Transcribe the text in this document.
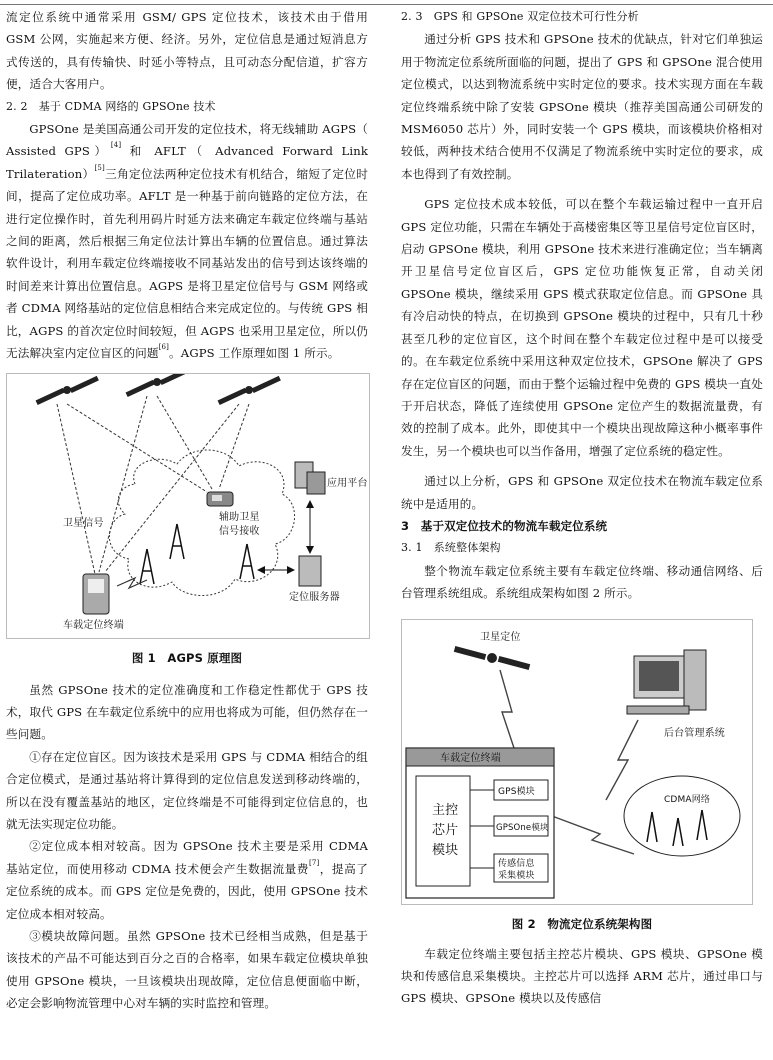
流定位系统中通常采用 GSM/ GPS 定位技术，该技术由于借用 GSM 公网，实施起来方便、经济。另外，定位信息是通过短消息方式传送的，具有传输快、时延小等特点，且可动态分配信道，扩容方便，适合大客用户。

2. 2　基于 CDMA 网络的 GPSOne 技术

GPSOne 是美国高通公司开发的定位技术，将无线辅助 AGPS（ Assisted GPS）[4] 和 AFLT（ Advanced Forward Link Trilateration）[5]三角定位法两种定位技术有机结合，缩短了定位时间，提高了定位成功率。AFLT 是一种基于前向链路的定位方法，在进行定位操作时，首先利用码片时延方法来确定车载定位终端与基站之间的距离，然后根据三角定位法计算出车辆的位置信息。通过算法软件设计，利用车载定位终端接收不同基站发出的信号到达该终端的时间差来计算出位置信息。AGPS 是将卫星定位信号与 GSM 网络或者 CDMA 网络基站的定位信息相结合来完成定位的。与传统 GPS 相比，AGPS 的首次定位时间较短，但 AGPS 也采用卫星定位，所以仍无法解决室内定位盲区的问题[6]。AGPS 工作原理如图 1 所示。

辅助卫星
信号接收
车载定位终端
卫星信号
应用平台
定位服务器

图 1　AGPS 原理图

虽然 GPSOne 技术的定位准确度和工作稳定性都优于 GPS 技术，取代 GPS 在车载定位系统中的应用也将成为可能，但仍然存在一些问题。

①存在定位盲区。因为该技术是采用 GPS 与 CDMA 相结合的组合定位模式，是通过基站将计算得到的定位信息发送到移动终端的，所以在没有覆盖基站的地区，定位终端是不可能得到定位信息的，也就无法实现定位功能。

②定位成本相对较高。因为 GPSOne 技术主要是采用 CDMA 基站定位，而使用移动 CDMA 技术便会产生数据流量费[7]，提高了定位系统的成本。而 GPS 定位是免费的，因此，使用 GPSOne 技术定位成本相对较高。

③模块故障问题。虽然 GPSOne 技术已经相当成熟，但是基于该技术的产品不可能达到百分之百的合格率，如果车载定位模块单独使用 GPSOne 模块，一旦该模块出现故障，定位信息便面临中断，必定会影响物流管理中心对车辆的实时监控和管理。

2. 3　GPS 和 GPSOne 双定位技术可行性分析

通过分析 GPS 技术和 GPSOne 技术的优缺点，针对它们单独运用于物流定位系统所面临的问题，提出了 GPS 和 GPSOne 混合使用定位模式，以达到物流系统中实时定位的要求。技术实现方面在车载定位终端系统中除了安装 GPSOne 模块（推荐美国高通公司研发的 MSM6050 芯片）外，同时安装一个 GPS 模块，而该模块价格相对较低，两种技术结合使用不仅满足了物流系统中实时定位的要求，成本也得到了有效控制。

GPS 定位技术成本较低，可以在整个车载运输过程中一直开启 GPS 定位功能，只需在车辆处于高楼密集区等卫星信号定位盲区时，启动 GPSOne 模块，利用 GPSOne 技术来进行准确定位；当车辆离开卫星信号定位盲区后，GPS 定位功能恢复正常，自动关闭 GPSOne 模块，继续采用 GPS 模式获取定位信息。而 GPSOne 具有冷启动快的特点，在切换到 GPSOne 模块的过程中，只有几十秒甚至几秒的定位盲区，这个时间在整个车载定位过程中是可以接受的。在车载定位系统中采用这种双定位技术，GPSOne 解决了 GPS 存在定位盲区的问题，而由于整个运输过程中免费的 GPS 模块一直处于开启状态，降低了连续使用 GPSOne 定位产生的数据流量费，有效的控制了成本。此外，即使其中一个模块出现故障这种小概率事件发生，另一个模块也可以当作备用，增强了定位系统的稳定性。

通过以上分析，GPS 和 GPSOne 双定位技术在物流车载定位系统中是适用的。

3　基于双定位技术的物流车载定位系统
3. 1　系统整体架构

整个物流车载定位系统主要有车载定位终端、移动通信网络、后台管理系统组成。系统组成架构如图 2 所示。

卫星定位
后台管理系统
车载定位终端
主控
芯片
模块
GPS模块
GPSOne模块
传感信息
采集模块
CDMA网络

图 2　物流定位系统架构图

车载定位终端主要包括主控芯片模块、GPS 模块、GPSOne 模块和传感信息采集模块。主控芯片可以选择 ARM 芯片，通过串口与 GPS 模块、GPSOne 模块以及传感信
